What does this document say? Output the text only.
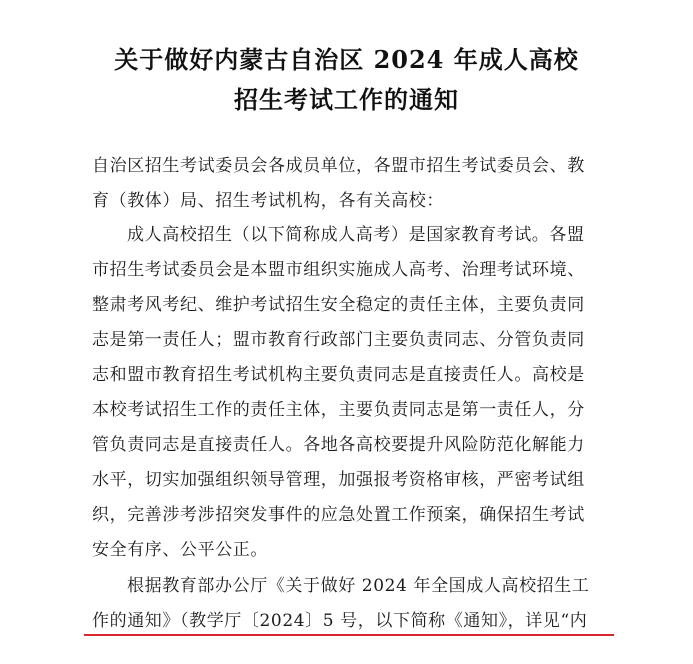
关于做好内蒙古自治区 2024 年成人高校
招生考试工作的通知
自治区招生考试委员会各成员单位，各盟市招生考试委员会、教
育（教体）局、招生考试机构，各有关高校：
成人高校招生（以下简称成人高考）是国家教育考试。各盟
市招生考试委员会是本盟市组织实施成人高考、治理考试环境、
整肃考风考纪、维护考试招生安全稳定的责任主体，主要负责同
志是第一责任人；盟市教育行政部门主要负责同志、分管负责同
志和盟市教育招生考试机构主要负责同志是直接责任人。高校是
本校考试招生工作的责任主体，主要负责同志是第一责任人，分
管负责同志是直接责任人。各地各高校要提升风险防范化解能力
水平，切实加强组织领导管理，加强报考资格审核，严密考试组
织，完善涉考涉招突发事件的应急处置工作预案，确保招生考试
安全有序、公平公正。
根据教育部办公厅《关于做好 2024 年全国成人高校招生工
作的通知》（教学厅〔2024〕5 号，以下简称《通知》，详见“内
